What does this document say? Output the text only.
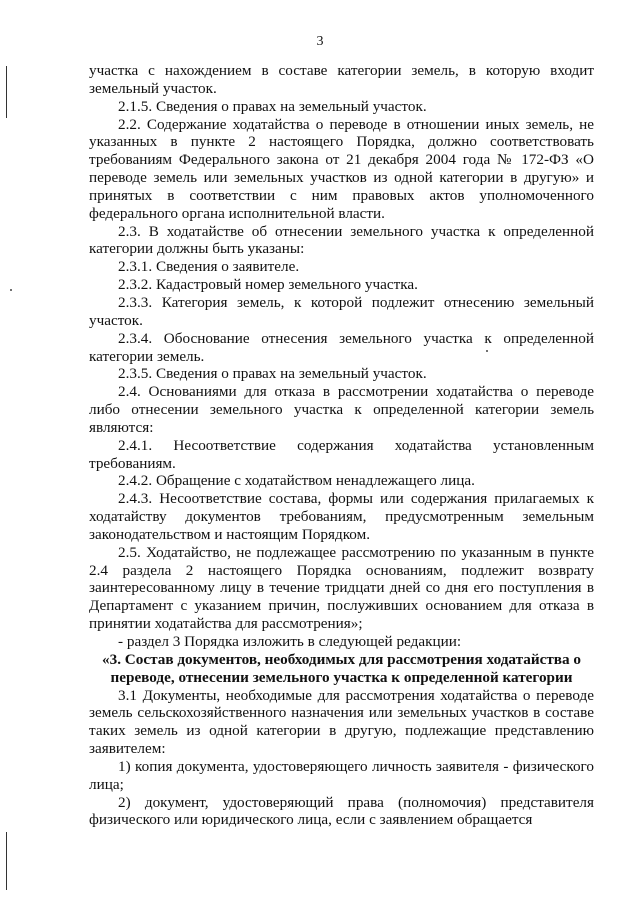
3

участка с нахождением в составе категории земель, в которую входит земельный участок.

2.1.5. Сведения о правах на земельный участок.

2.2. Содержание ходатайства о переводе в отношении иных земель, не указанных в пункте 2 настоящего Порядка, должно соответствовать требованиям Федерального закона от 21 декабря 2004 года № 172-ФЗ «О переводе земель или земельных участков из одной категории в другую» и принятых в соответствии с ним правовых актов уполномоченного федерального органа исполнительной власти.

2.3. В ходатайстве об отнесении земельного участка к определенной категории должны быть указаны:

2.3.1. Сведения о заявителе.

2.3.2. Кадастровый номер земельного участка.

2.3.3. Категория земель, к которой подлежит отнесению земельный участок.

2.3.4. Обоснование отнесения земельного участка к определенной категории земель.

2.3.5. Сведения о правах на земельный участок.

2.4. Основаниями для отказа в рассмотрении ходатайства о переводе либо отнесении земельного участка к определенной категории земель являются:

2.4.1. Несоответствие содержания ходатайства установленным требованиям.

2.4.2. Обращение с ходатайством ненадлежащего лица.

2.4.3. Несоответствие состава, формы или содержания прилагаемых к ходатайству документов требованиям, предусмотренным земельным законодательством и настоящим Порядком.

2.5. Ходатайство, не подлежащее рассмотрению по указанным в пункте 2.4 раздела 2 настоящего Порядка основаниям, подлежит возврату заинтересованному лицу в течение тридцати дней со дня его поступления в Департамент с указанием причин, послуживших основанием для отказа в принятии ходатайства для рассмотрения»;

- раздел 3 Порядка изложить в следующей редакции:

«3. Состав документов, необходимых для рассмотрения ходатайства о переводе, отнесении земельного участка к определенной категории

3.1 Документы, необходимые для рассмотрения ходатайства о переводе земель сельскохозяйственного назначения или земельных участков в составе таких земель из одной категории в другую, подлежащие представлению заявителем:

1) копия документа, удостоверяющего личность заявителя - физического лица;

2) документ, удостоверяющий права (полномочия) представителя физического или юридического лица, если с заявлением обращается
